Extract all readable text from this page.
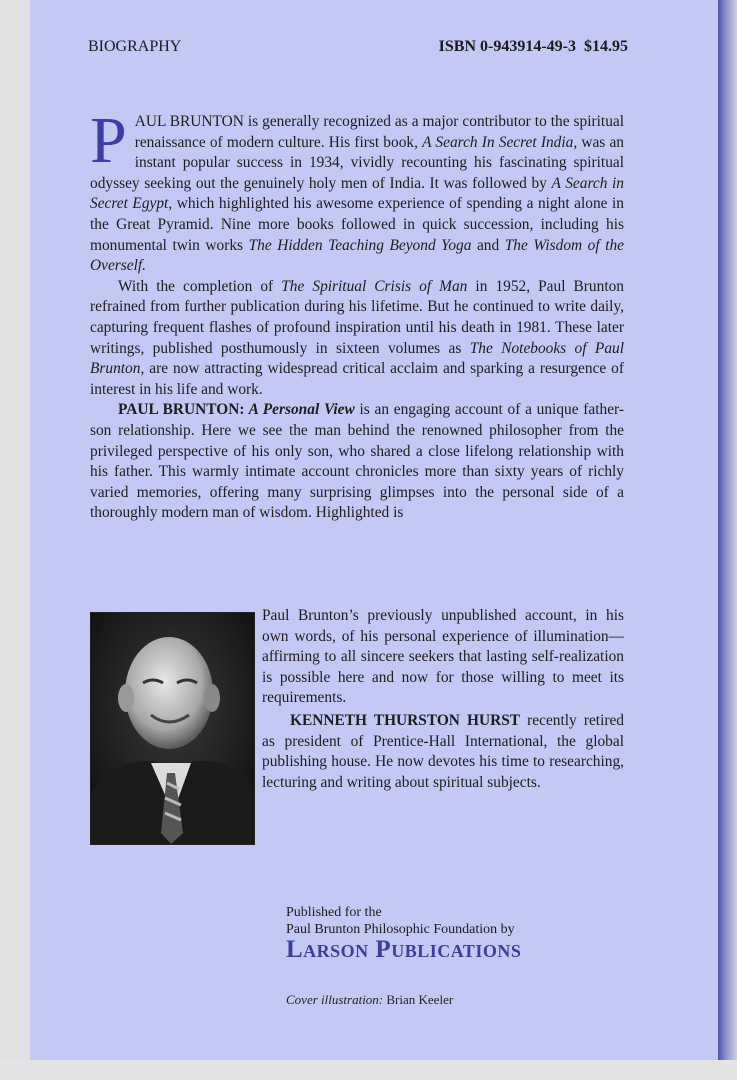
BIOGRAPHY	ISBN 0-943914-49-3 $14.95

PAUL BRUNTON is generally recognized as a major contributor to the spiritual renaissance of modern culture. His first book, A Search In Secret India, was an instant popular success in 1934, vividly recounting his fascinating spiritual odyssey seeking out the genuinely holy men of India. It was followed by A Search in Secret Egypt, which highlighted his awesome experience of spending a night alone in the Great Pyramid. Nine more books followed in quick succession, including his monumental twin works The Hidden Teaching Beyond Yoga and The Wisdom of the Overself.

With the completion of The Spiritual Crisis of Man in 1952, Paul Brunton refrained from further publication during his lifetime. But he continued to write daily, capturing frequent flashes of profound inspiration until his death in 1981. These later writings, published posthumously in sixteen volumes as The Notebooks of Paul Brunton, are now attracting widespread critical acclaim and sparking a resurgence of interest in his life and work.

PAUL BRUNTON: A Personal View is an engaging account of a unique father-son relationship. Here we see the man behind the renowned philosopher from the privileged perspective of his only son, who shared a close lifelong relationship with his father. This warmly intimate account chronicles more than sixty years of richly varied memories, offering many surprising glimpses into the personal side of a thoroughly modern man of wisdom. Highlighted is

Paul Brunton’s previously unpublished account, in his own words, of his personal experience of illumination—affirming to all sincere seekers that lasting self-realization is possible here and now for those willing to meet its requirements.

KENNETH THURSTON HURST recently retired as president of Prentice-Hall International, the global publishing house. He now devotes his time to researching, lecturing and writing about spiritual subjects.

Published for the
Paul Brunton Philosophic Foundation by
Larson Publications
Cover illustration: Brian Keeler
